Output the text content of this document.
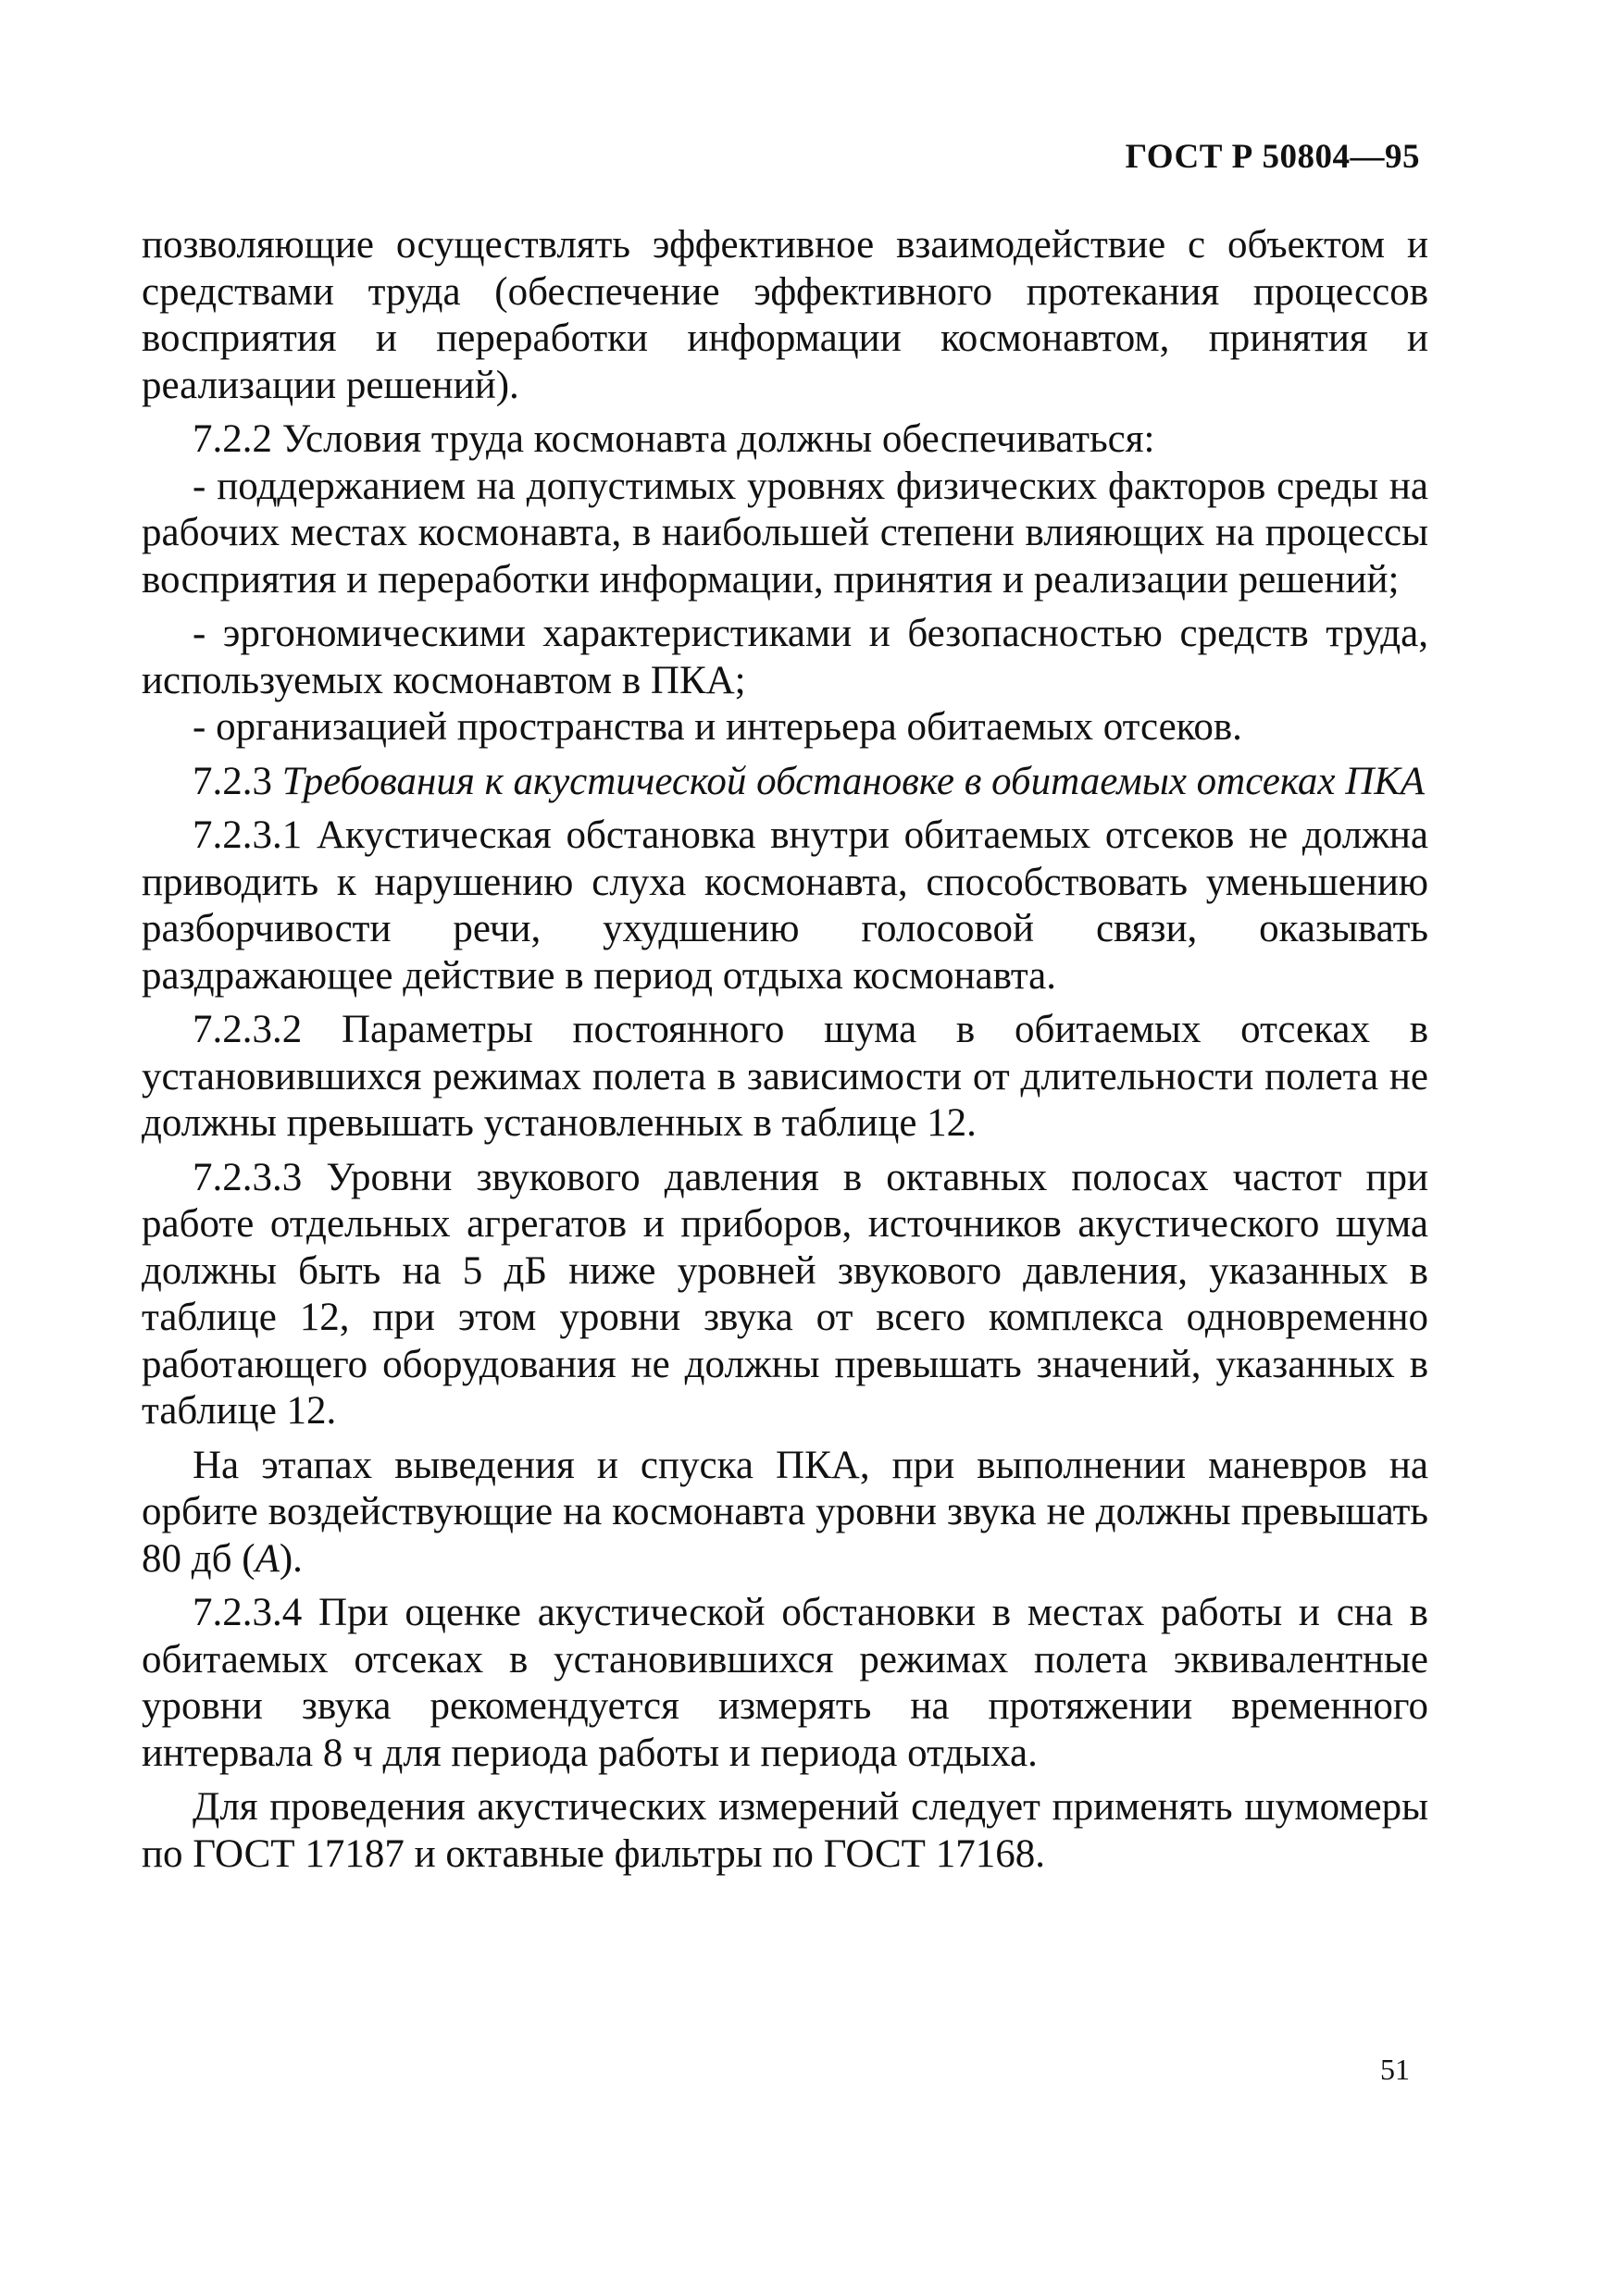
ГОСТ Р 50804—95

позволяющие осуществлять эффективное взаимодействие с объектом и средствами труда (обеспечение эффективного протекания процессов восприятия и переработки информации космонавтом, принятия и реализации решений).

7.2.2 Условия труда космонавта должны обеспечиваться:

- поддержанием на допустимых уровнях физических факторов среды на рабочих местах космонавта, в наибольшей степени влияющих на процессы восприятия и переработки информации, принятия и реализации решений;

- эргономическими характеристиками и безопасностью средств труда, используемых космонавтом в ПКА;

- организацией пространства и интерьера обитаемых отсеков.

7.2.3 Требования к акустической обстановке в обитаемых отсеках ПКА

7.2.3.1 Акустическая обстановка внутри обитаемых отсеков не должна приводить к нарушению слуха космонавта, способствовать уменьшению разборчивости речи, ухудшению голосовой связи, оказывать раздражающее действие в период отдыха космонавта.

7.2.3.2 Параметры постоянного шума в обитаемых отсеках в установившихся режимах полета в зависимости от длительности полета не должны превышать установленных в таблице 12.

7.2.3.3 Уровни звукового давления в октавных полосах частот при работе отдельных агрегатов и приборов, источников акустического шума должны быть на 5 дБ ниже уровней звукового давления, указанных в таблице 12, при этом уровни звука от всего комплекса одновременно работающего оборудования не должны превышать значений, указанных в таблице 12.

На этапах выведения и спуска ПКА, при выполнении маневров на орбите воздействующие на космонавта уровни звука не должны превышать 80 дб (А).

7.2.3.4 При оценке акустической обстановки в местах работы и сна в обитаемых отсеках в установившихся режимах полета эквивалентные уровни звука рекомендуется измерять на протяжении временного интервала 8 ч для периода работы и периода отдыха.

Для проведения акустических измерений следует применять шумомеры по ГОСТ 17187 и октавные фильтры по ГОСТ 17168.

51
